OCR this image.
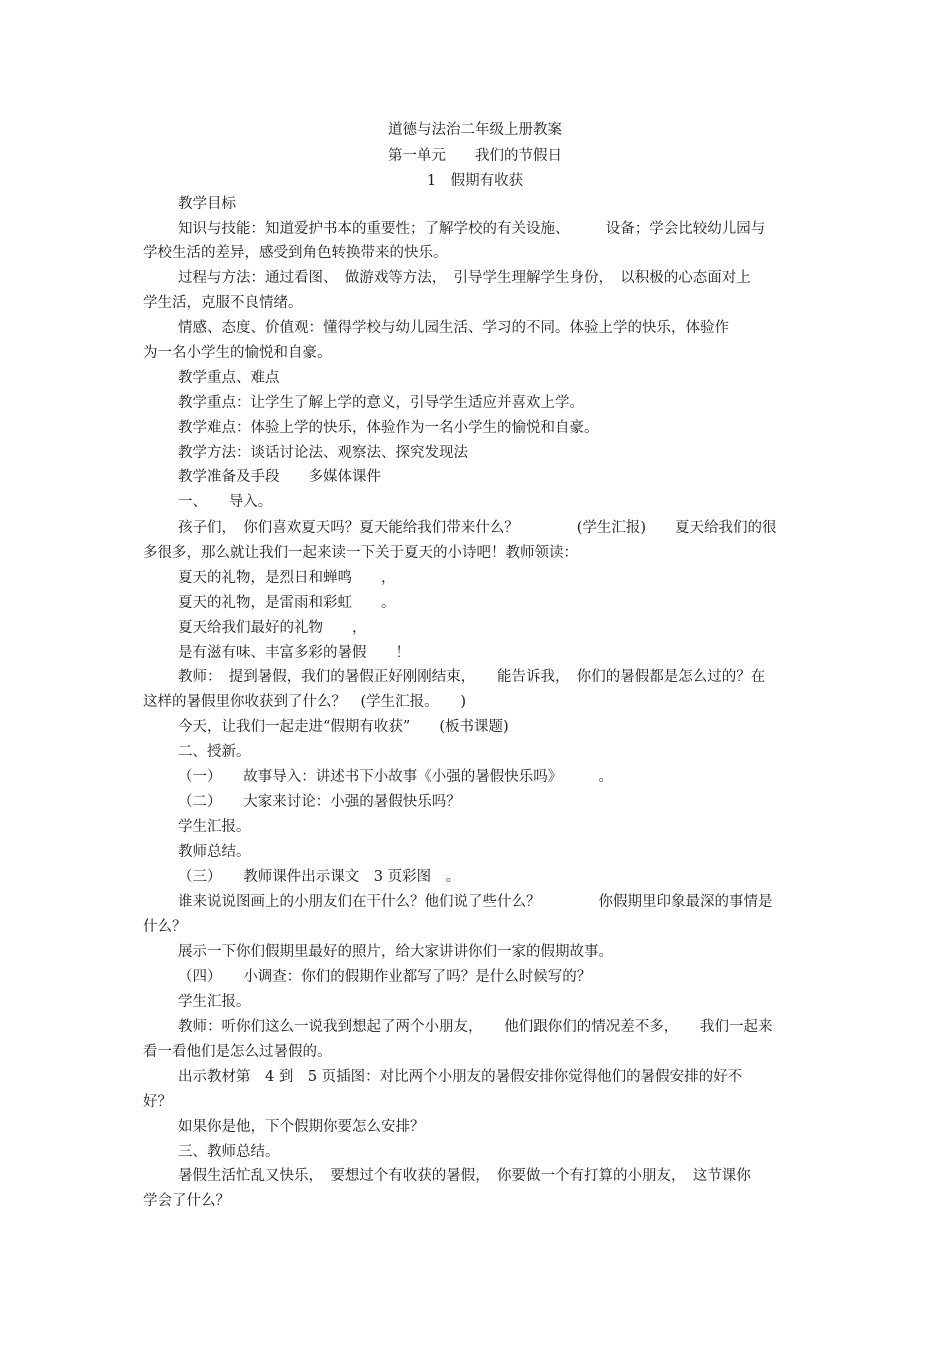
道德与法治二年级上册教案
第一单元　　我们的节假日
1　假期有收获
教学目标
知识与技能：知道爱护书本的重要性；了解学校的有关设施、　　　设备；学会比较幼儿园与
学校生活的差异，感受到角色转换带来的快乐。
过程与方法：通过看图、　做游戏等方法，　引导学生理解学生身份，　以积极的心态面对上
学生活，克服不良情绪。
情感、态度、价值观：懂得学校与幼儿园生活、学习的不同。体验上学的快乐，体验作
为一名小学生的愉悦和自豪。
教学重点、难点
教学重点：让学生了解上学的意义，引导学生适应并喜欢上学。
教学难点：体验上学的快乐，体验作为一名小学生的愉悦和自豪。
教学方法：谈话讨论法、观察法、探究发现法
教学准备及手段　　多媒体课件
一、　　导入。
孩子们，　你们喜欢夏天吗？夏天能给我们带来什么？　　　　(学生汇报)　　夏天给我们的很
多很多，那么就让我们一起来读一下关于夏天的小诗吧！教师领读：
夏天的礼物，是烈日和蝉鸣　　，
夏天的礼物，是雷雨和彩虹　　。
夏天给我们最好的礼物　　，
是有滋有味、丰富多彩的暑假　　！
教师：　提到暑假，我们的暑假正好刚刚结束，　　能告诉我，　你们的暑假都是怎么过的？在
这样的暑假里你收获到了什么？　(学生汇报。　　)
今天，让我们一起走进“假期有收获”　　(板书课题)
二、授新。
（一）　　故事导入：讲述书下小故事《小强的暑假快乐吗》　　　。
（二）　　大家来讨论：小强的暑假快乐吗？
学生汇报。
教师总结。
（三）　　教师课件出示课文　3 页彩图　。
谁来说说图画上的小朋友们在干什么？他们说了些什么？　　　　你假期里印象最深的事情是
什么？
展示一下你们假期里最好的照片，给大家讲讲你们一家的假期故事。
（四）　　小调查：你们的假期作业都写了吗？是什么时候写的？
学生汇报。
教师：听你们这么一说我到想起了两个小朋友，　　他们跟你们的情况差不多，　　我们一起来
看一看他们是怎么过暑假的。
出示教材第　4 到　5 页插图：对比两个小朋友的暑假安排你觉得他们的暑假安排的好不
好？
如果你是他，下个假期你要怎么安排？
三、教师总结。
暑假生活忙乱又快乐，　要想过个有收获的暑假，　你要做一个有打算的小朋友，　这节课你
学会了什么？
